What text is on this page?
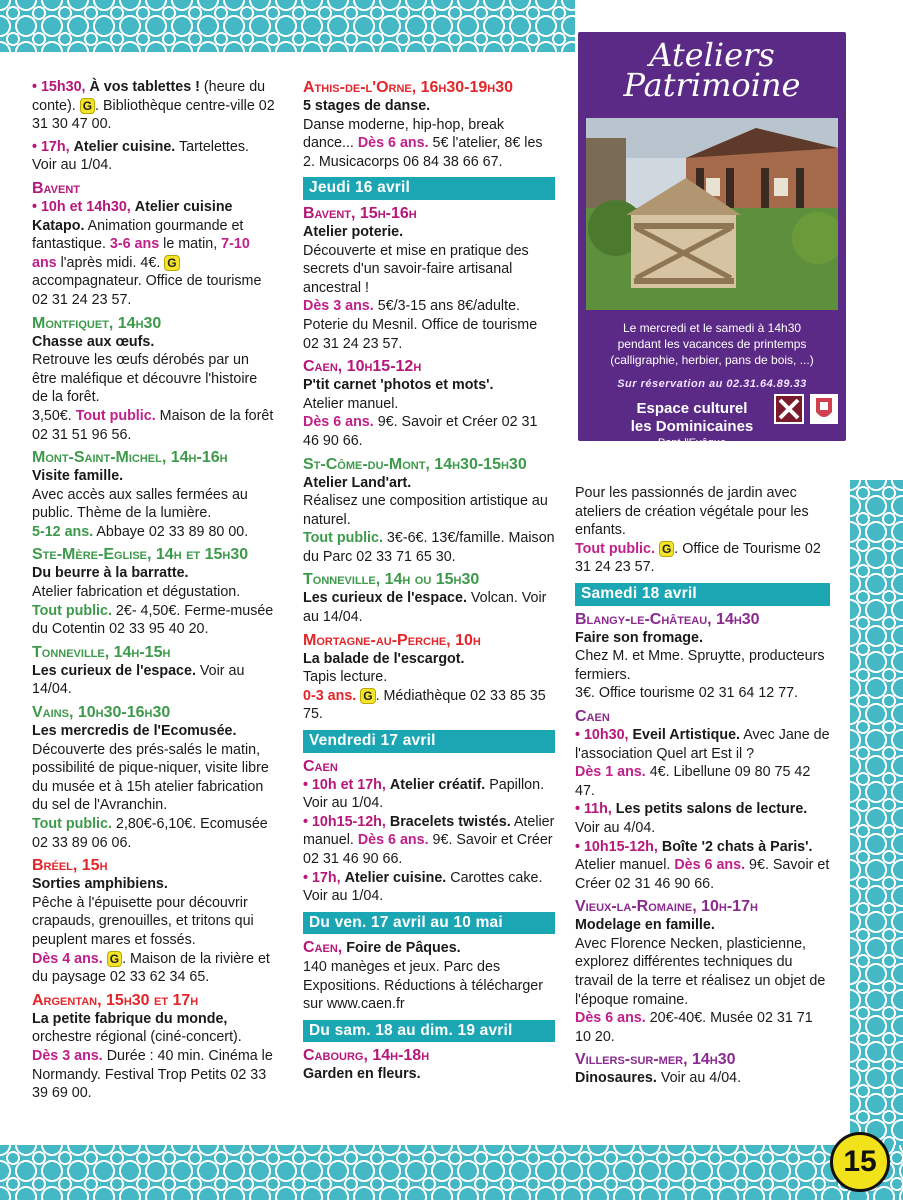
• 15h30, À vos tablettes ! (heure du conte). G . Bibliothèque centre-ville 02 31 30 47 00.
• 17h, Atelier cuisine. Tartelettes. Voir au 1/04.
Bavent
• 10h et 14h30, Atelier cuisine Katapo. Animation gourmande et fantastique. 3-6 ans le matin, 7-10 ans l'après midi. 4€. G accompagnateur. Office de tourisme 02 31 24 23 57.
Montfiquet, 14h30
Chasse aux œufs.
Retrouve les œufs dérobés par un être maléfique et découvre l'histoire de la forêt.
3,50€. Tout public. Maison de la forêt 02 31 51 96 56.
Mont-Saint-Michel, 14h-16h
Visite famille.
Avec accès aux salles fermées au public. Thème de la lumière.
5-12 ans. Abbaye 02 33 89 80 00.
Ste-Mère-Eglise, 14h et 15h30
Du beurre à la barratte.
Atelier fabrication et dégustation.
Tout public. 2€- 4,50€. Ferme-musée du Cotentin 02 33 95 40 20.
Tonneville, 14h-15h
Les curieux de l'espace. Voir au 14/04.
Vains, 10h30-16h30
Les mercredis de l'Ecomusée.
Découverte des prés-salés le matin, possibilité de pique-niquer, visite libre du musée et à 15h atelier fabrication du sel de l'Avranchin.
Tout public. 2,80€-6,10€. Ecomusée 02 33 89 06 06.
Bréel, 15h
Sorties amphibiens.
Pêche à l'épuisette pour découvrir crapauds, grenouilles, et tritons qui peuplent mares et fossés.
Dès 4 ans. G . Maison de la rivière et du paysage 02 33 62 34 65.
Argentan, 15h30 et 17h
La petite fabrique du monde, orchestre régional (ciné-concert).
Dès 3 ans. Durée : 40 min. Cinéma le Normandy. Festival Trop Petits 02 33 39 69 00.
Athis-de-l'Orne, 16h30-19h30
5 stages de danse.
Danse moderne, hip-hop, break dance... Dès 6 ans. 5€ l'atelier, 8€ les 2. Musicacorps 06 84 38 66 67.
Jeudi 16 avril
Bavent, 15h-16h
Atelier poterie.
Découverte et mise en pratique des secrets d'un savoir-faire artisanal ancestral !
Dès 3 ans. 5€/3-15 ans 8€/adulte. Poterie du Mesnil. Office de tourisme 02 31 24 23 57.
Caen, 10h15-12h
P'tit carnet 'photos et mots'.
Atelier manuel.
Dès 6 ans. 9€. Savoir et Créer 02 31 46 90 66.
St-Côme-du-Mont, 14h30-15h30
Atelier Land'art.
Réalisez une composition artistique au naturel.
Tout public. 3€-6€. 13€/famille. Maison du Parc 02 33 71 65 30.
Tonneville, 14h ou 15h30
Les curieux de l'espace. Volcan. Voir au 14/04.
Mortagne-au-Perche, 10h
La balade de l'escargot.
Tapis lecture.
0-3 ans. G . Médiathèque 02 33 85 35 75.
Vendredi 17 avril
Caen
• 10h et 17h, Atelier créatif. Papillon. Voir au 1/04.
• 10h15-12h, Bracelets twistés. Atelier manuel. Dès 6 ans. 9€. Savoir et Créer 02 31 46 90 66.
• 17h, Atelier cuisine. Carottes cake. Voir au 1/04.
Du ven. 17 avril au 10 mai
Caen, Foire de Pâques.
140 manèges et jeux. Parc des Expositions. Réductions à télécharger sur www.caen.fr
Du sam. 18 au dim. 19 avril
Cabourg, 14h-18h
Garden en fleurs.
Ateliers
Patrimoine
Le mercredi et le samedi à 14h30
pendant les vacances de printemps
(calligraphie, herbier, pans de bois, ...)
Sur réservation au 02.31.64.89.33
Espace culturel
les Dominicaines
Pont-l'Evêque
Pour les passionnés de jardin avec ateliers de création végétale pour les enfants.
Tout public. G . Office de Tourisme 02 31 24 23 57.
Samedi 18 avril
Blangy-le-Château, 14h30
Faire son fromage.
Chez M. et Mme. Spruytte, producteurs fermiers.
3€. Office tourisme 02 31 64 12 77.
Caen
• 10h30, Eveil Artistique. Avec Jane de l'association Quel art Est il ?
Dès 1 ans. 4€. Libellune 09 80 75 42 47.
• 11h, Les petits salons de lecture. Voir au 4/04.
• 10h15-12h, Boîte '2 chats à Paris'. Atelier manuel. Dès 6 ans. 9€. Savoir et Créer 02 31 46 90 66.
Vieux-la-Romaine, 10h-17h
Modelage en famille.
Avec Florence Necken, plasticienne, explorez différentes techniques du travail de la terre et réalisez un objet de l'époque romaine.
Dès 6 ans. 20€-40€. Musée 02 31 71 10 20.
Villers-sur-mer, 14h30
Dinosaures. Voir au 4/04.
15
